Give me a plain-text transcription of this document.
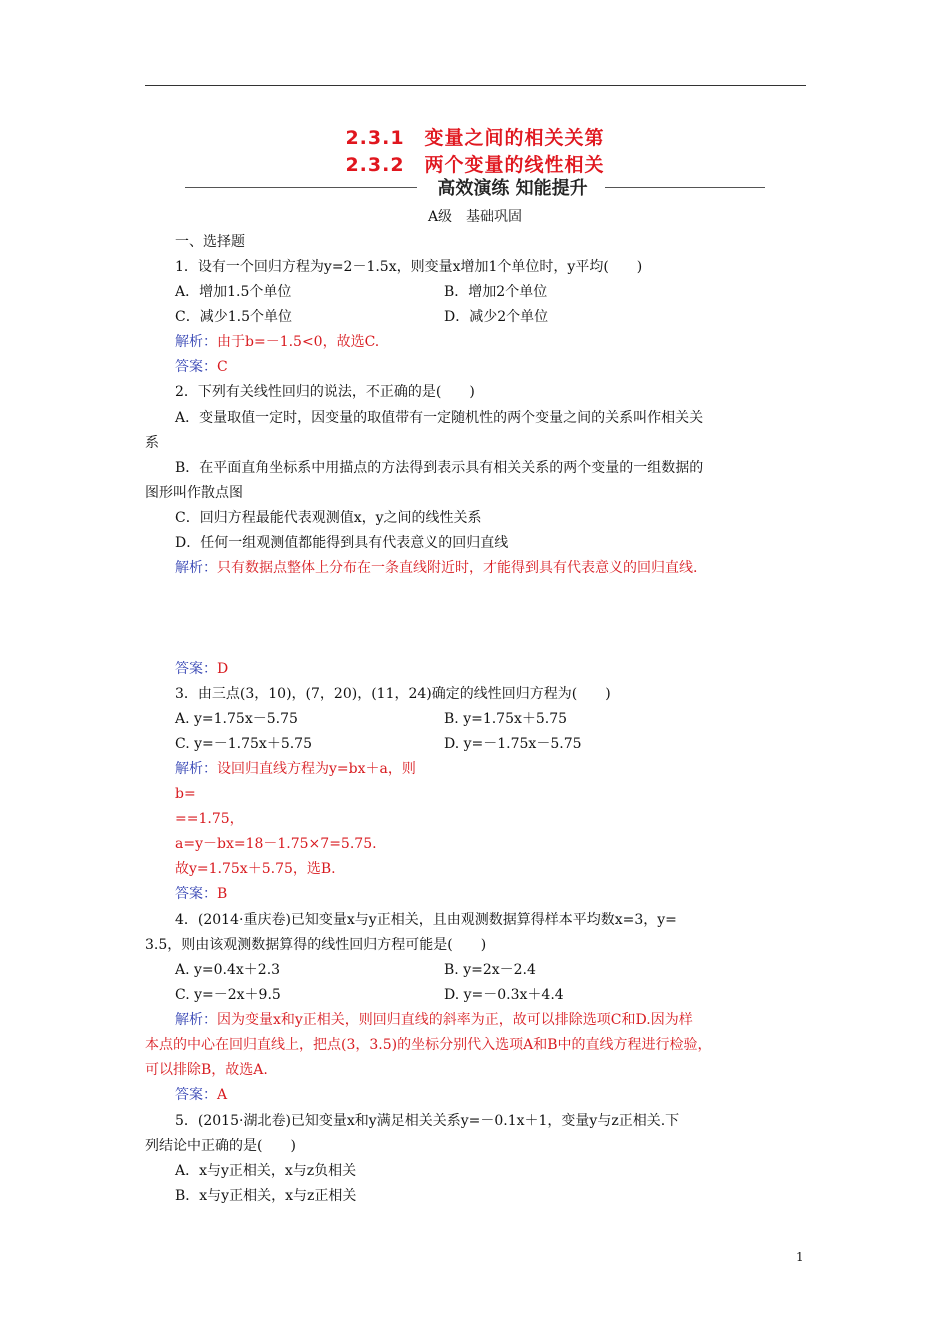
2.3.1　变量之间的相关关第
2.3.2　两个变量的线性相关
高效演练 知能提升
A级　基础巩固
一、选择题
1．设有一个回归方程为y=2－1.5x，则变量x增加1个单位时，y平均(　　)
A．增加1.5个单位	B．增加2个单位
C．减少1.5个单位	D．减少2个单位
解析：由于b=－1.5<0，故选C.
答案：C
2．下列有关线性回归的说法，不正确的是(　　)
A．变量取值一定时，因变量的取值带有一定随机性的两个变量之间的关系叫作相关关
系
B．在平面直角坐标系中用描点的方法得到表示具有相关关系的两个变量的一组数据的
图形叫作散点图
C．回归方程最能代表观测值x，y之间的线性关系
D．任何一组观测值都能得到具有代表意义的回归直线
解析：只有数据点整体上分布在一条直线附近时，才能得到具有代表意义的回归直线.
答案：D
3．由三点(3，10)，(7，20)，(11，24)确定的线性回归方程为(　　)
A. y=1.75x－5.75	B. y=1.75x＋5.75
C. y=－1.75x＋5.75	D. y=－1.75x－5.75
解析：设回归直线方程为y=bx＋a，则
b=
==1.75，
a=y－bx=18－1.75×7=5.75.
故y=1.75x＋5.75，选B.
答案：B
4．(2014·重庆卷)已知变量x与y正相关，且由观测数据算得样本平均数x=3，y=
3.5，则由该观测数据算得的线性回归方程可能是(　　)
A. y=0.4x＋2.3	B. y=2x－2.4
C. y=－2x＋9.5	D. y=－0.3x＋4.4
解析：因为变量x和y正相关，则回归直线的斜率为正，故可以排除选项C和D.因为样
本点的中心在回归直线上，把点(3，3.5)的坐标分别代入选项A和B中的直线方程进行检验，
可以排除B，故选A.
答案：A
5．(2015·湖北卷)已知变量x和y满足相关关系y=－0.1x＋1，变量y与z正相关.下
列结论中正确的是(　　)
A．x与y正相关，x与z负相关
B．x与y正相关，x与z正相关
1
